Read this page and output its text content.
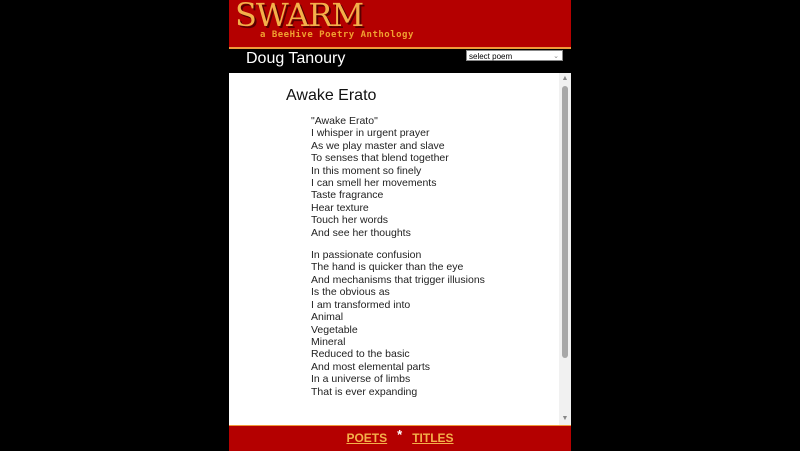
SWARM
a BeeHive Poetry Anthology
Doug Tanoury	select poem	⌄
Awake Erato
"Awake Erato"
I whisper in urgent prayer
As we play master and slave
To senses that blend together
In this moment so finely
I can smell her movements
Taste fragrance
Hear texture
Touch her words
And see her thoughts
In passionate confusion
The hand is quicker than the eye
And mechanisms that trigger illusions
Is the obvious as
I am transformed into
Animal
Vegetable
Mineral
Reduced to the basic
And most elemental parts
In a universe of limbs
That is ever expanding
▲
▼
POETS * TITLES
